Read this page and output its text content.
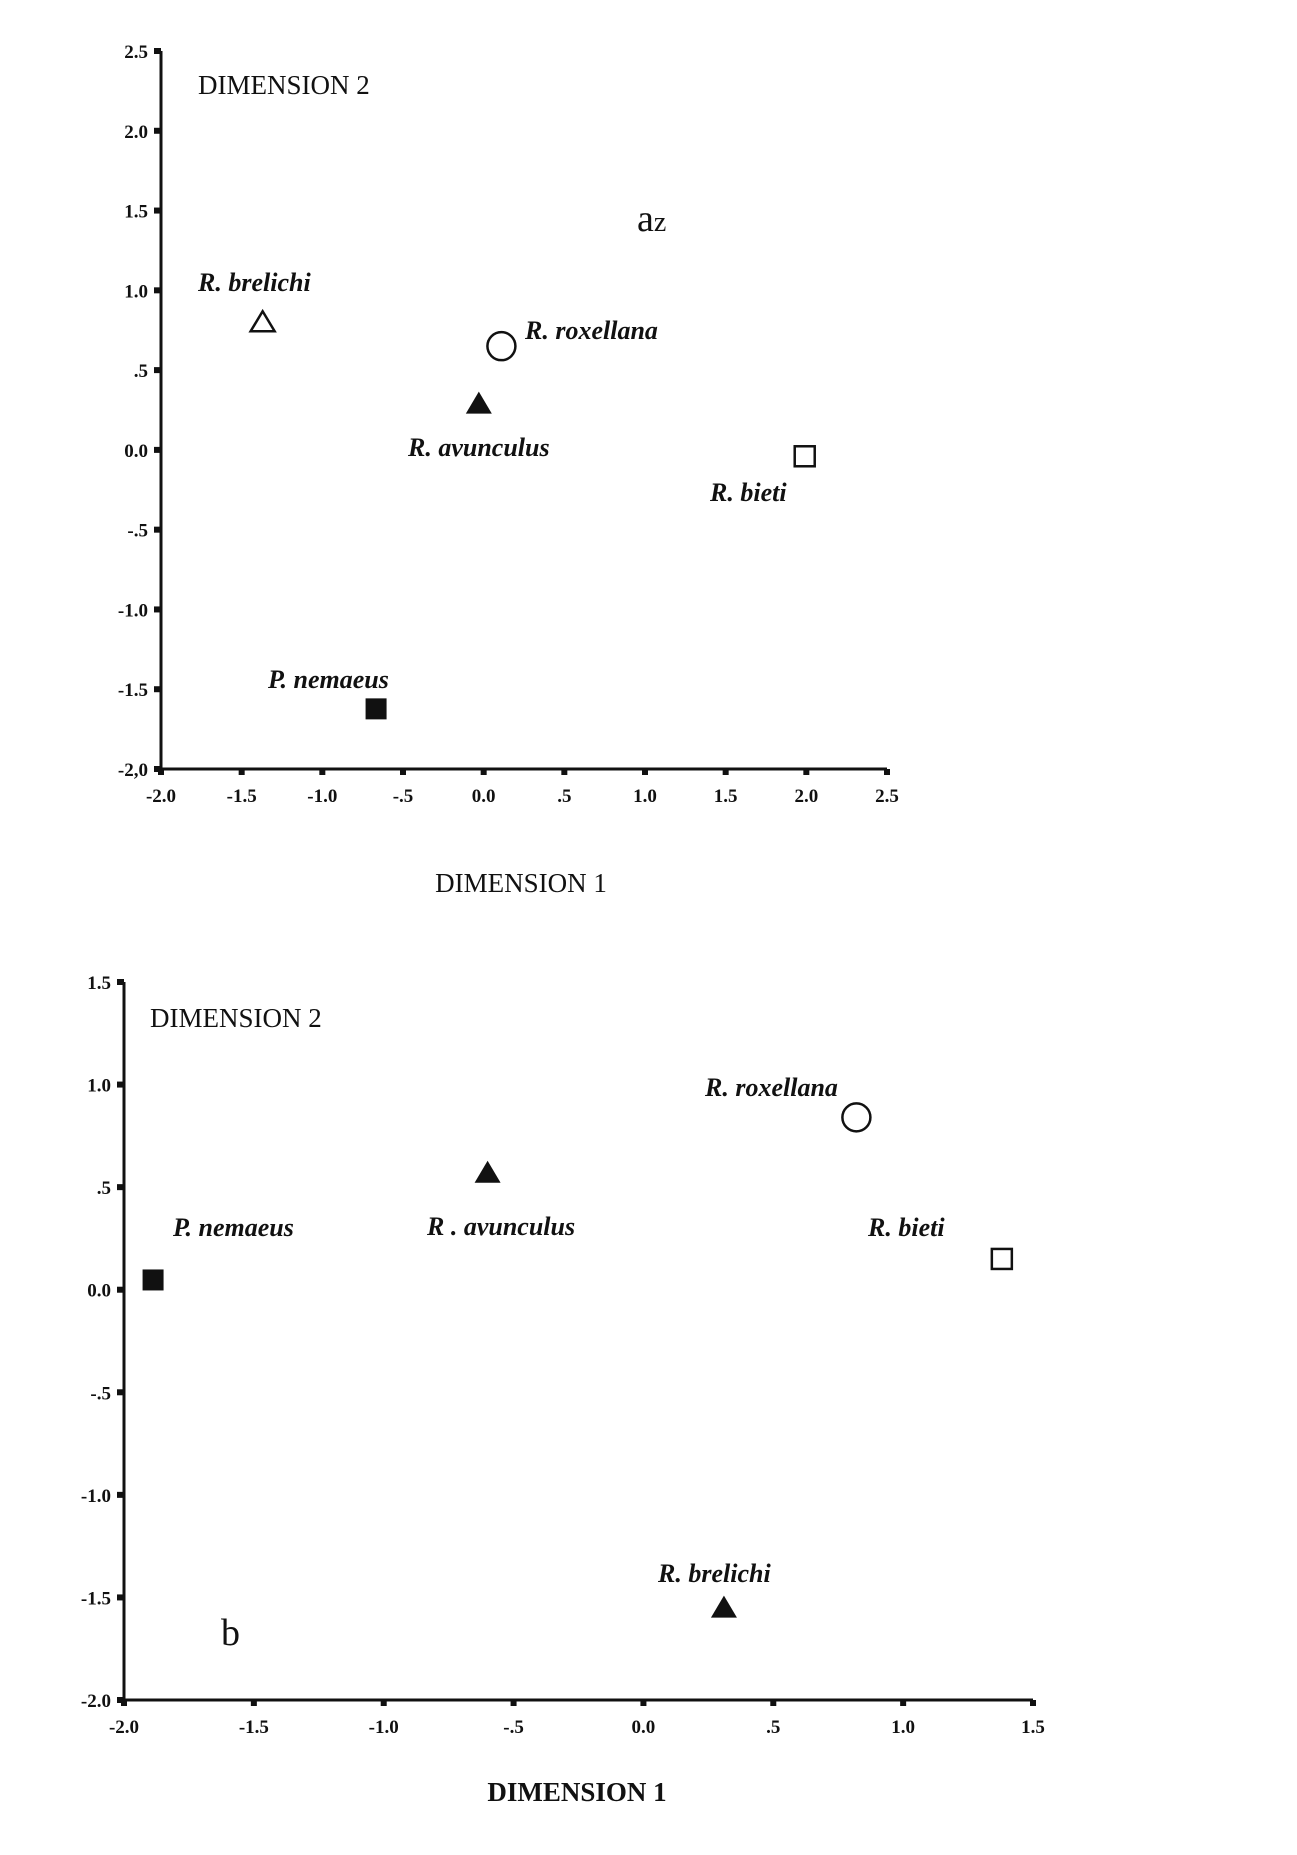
2.5
2.0
1.5
1.0
.5
0.0
-.5
-1.0
-1.5
-2,0
-2.0	-1.5	-1.0	-.5	0.0	.5	1.0	1.5	2.0	2.5
DIMENSION 2
DIMENSION 1
az
R. brelichi
R. roxellana
R. avunculus
R. bieti
P. nemaeus
1.5
1.0
.5
0.0
-.5
-1.0
-1.5
-2.0
-2.0	-1.5	-1.0	-.5	0.0	.5	1.0	1.5
DIMENSION 2
DIMENSION 1
b
P. nemaeus	R . avunculus
R. roxellana
R. bieti
R. brelichi
